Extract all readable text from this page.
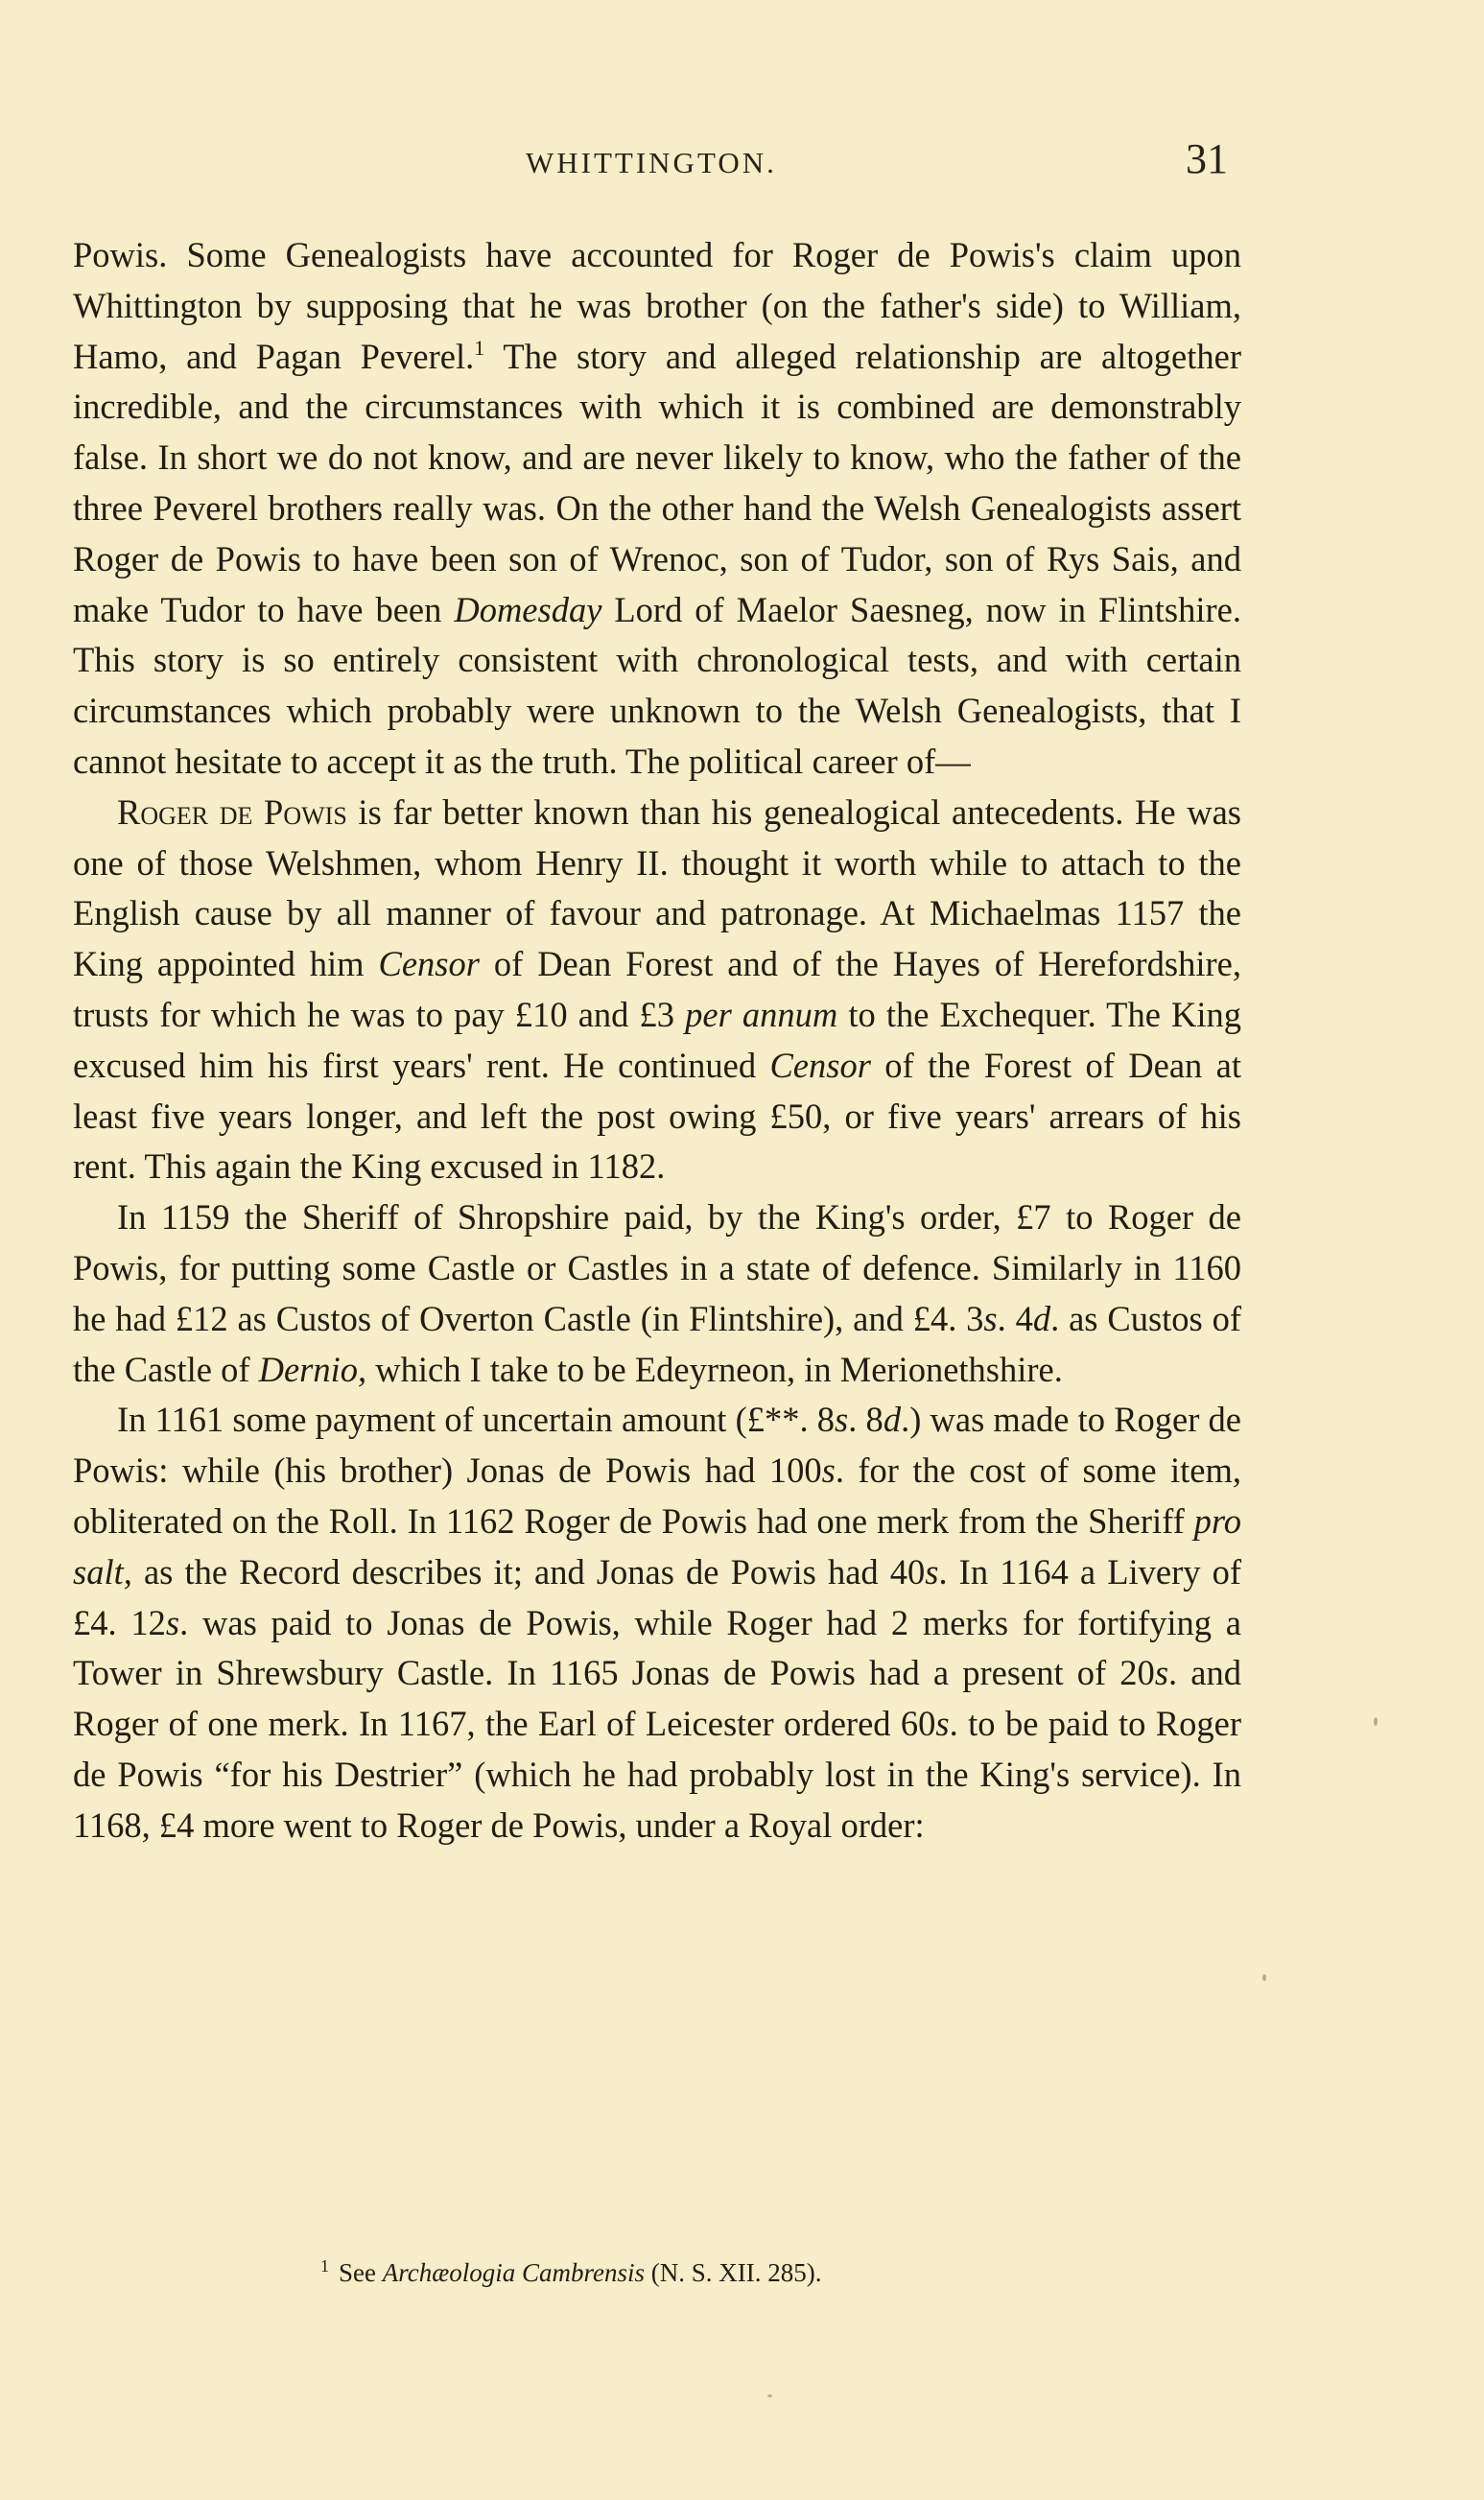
WHITTINGTON.	31

Powis. Some Genealogists have accounted for Roger de Powis's claim upon Whittington by supposing that he was brother (on the father's side) to William, Hamo, and Pagan Peverel.$^1$ The story and alleged relationship are altogether incredible, and the circumstances with which it is combined are demonstrably false. In short we do not know, and are never likely to know, who the father of the three Peverel brothers really was. On the other hand the Welsh Genealogists assert Roger de Powis to have been son of Wrenoc, son of Tudor, son of Rys Sais, and make Tudor to have been Domesday Lord of Maelor Saesneg, now in Flintshire. This story is so entirely consistent with chronological tests, and with certain circumstances which probably were unknown to the Welsh Genealogists, that I cannot hesitate to accept it as the truth. The political career of—

Roger de Powis is far better known than his genealogical antecedents. He was one of those Welshmen, whom Henry II. thought it worth while to attach to the English cause by all manner of favour and patronage. At Michaelmas 1157 the King appointed him Censor of Dean Forest and of the Hayes of Herefordshire, trusts for which he was to pay £10 and £3 per annum to the Exchequer. The King excused him his first years' rent. He continued Censor of the Forest of Dean at least five years longer, and left the post owing £50, or five years' arrears of his rent. This again the King excused in 1182.

In 1159 the Sheriff of Shropshire paid, by the King's order, £7 to Roger de Powis, for putting some Castle or Castles in a state of defence. Similarly in 1160 he had £12 as Custos of Overton Castle (in Flintshire), and £4. 3s. 4d. as Custos of the Castle of Dernio, which I take to be Edeyrneon, in Merionethshire.

In 1161 some payment of uncertain amount (£**. 8s. 8d.) was made to Roger de Powis: while (his brother) Jonas de Powis had 100s. for the cost of some item, obliterated on the Roll. In 1162 Roger de Powis had one merk from the Sheriff pro salt, as the Record describes it; and Jonas de Powis had 40s. In 1164 a Livery of £4. 12s. was paid to Jonas de Powis, while Roger had 2 merks for fortifying a Tower in Shrewsbury Castle. In 1165 Jonas de Powis had a present of 20s. and Roger of one merk. In 1167, the Earl of Leicester ordered 60s. to be paid to Roger de Powis “for his Destrier” (which he had probably lost in the King's service). In 1168, £4 more went to Roger de Powis, under a Royal order:

$^1$ See Archæologia Cambrensis (N. S. XII. 285).
